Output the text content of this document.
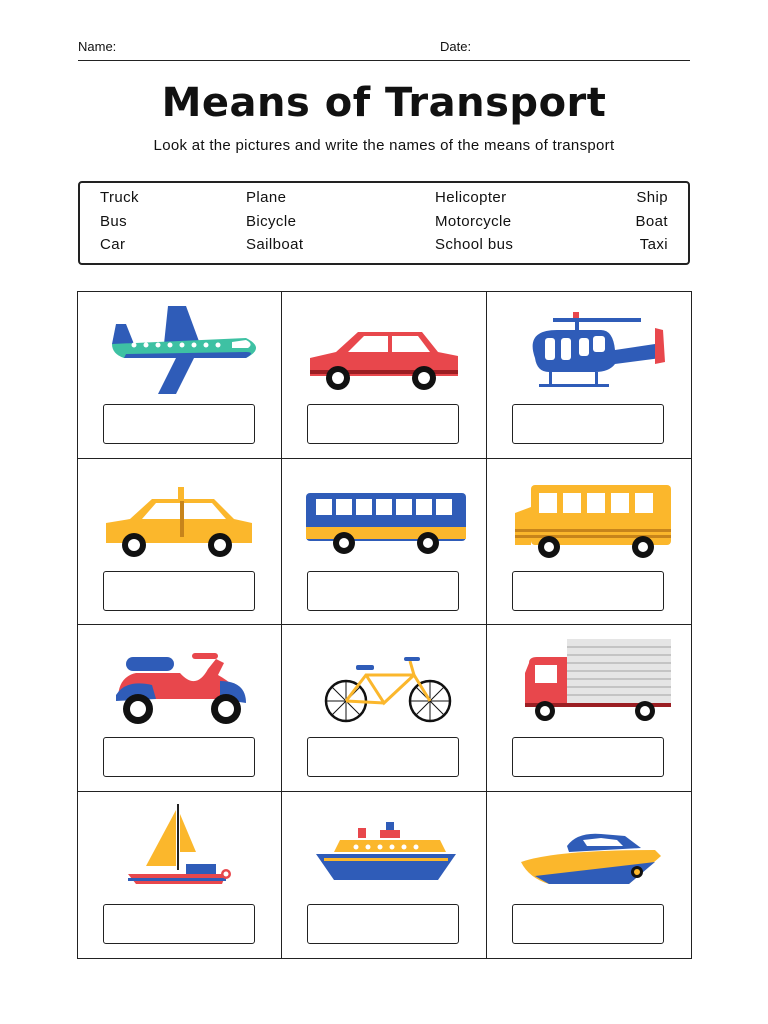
Name:	Date:
Means of Transport
Look at the pictures and write the names of the means of transport
Truck
Bus
Car
Plane
Bicycle
Sailboat
Helicopter
Motorcycle
School bus
Ship
Boat
Taxi
